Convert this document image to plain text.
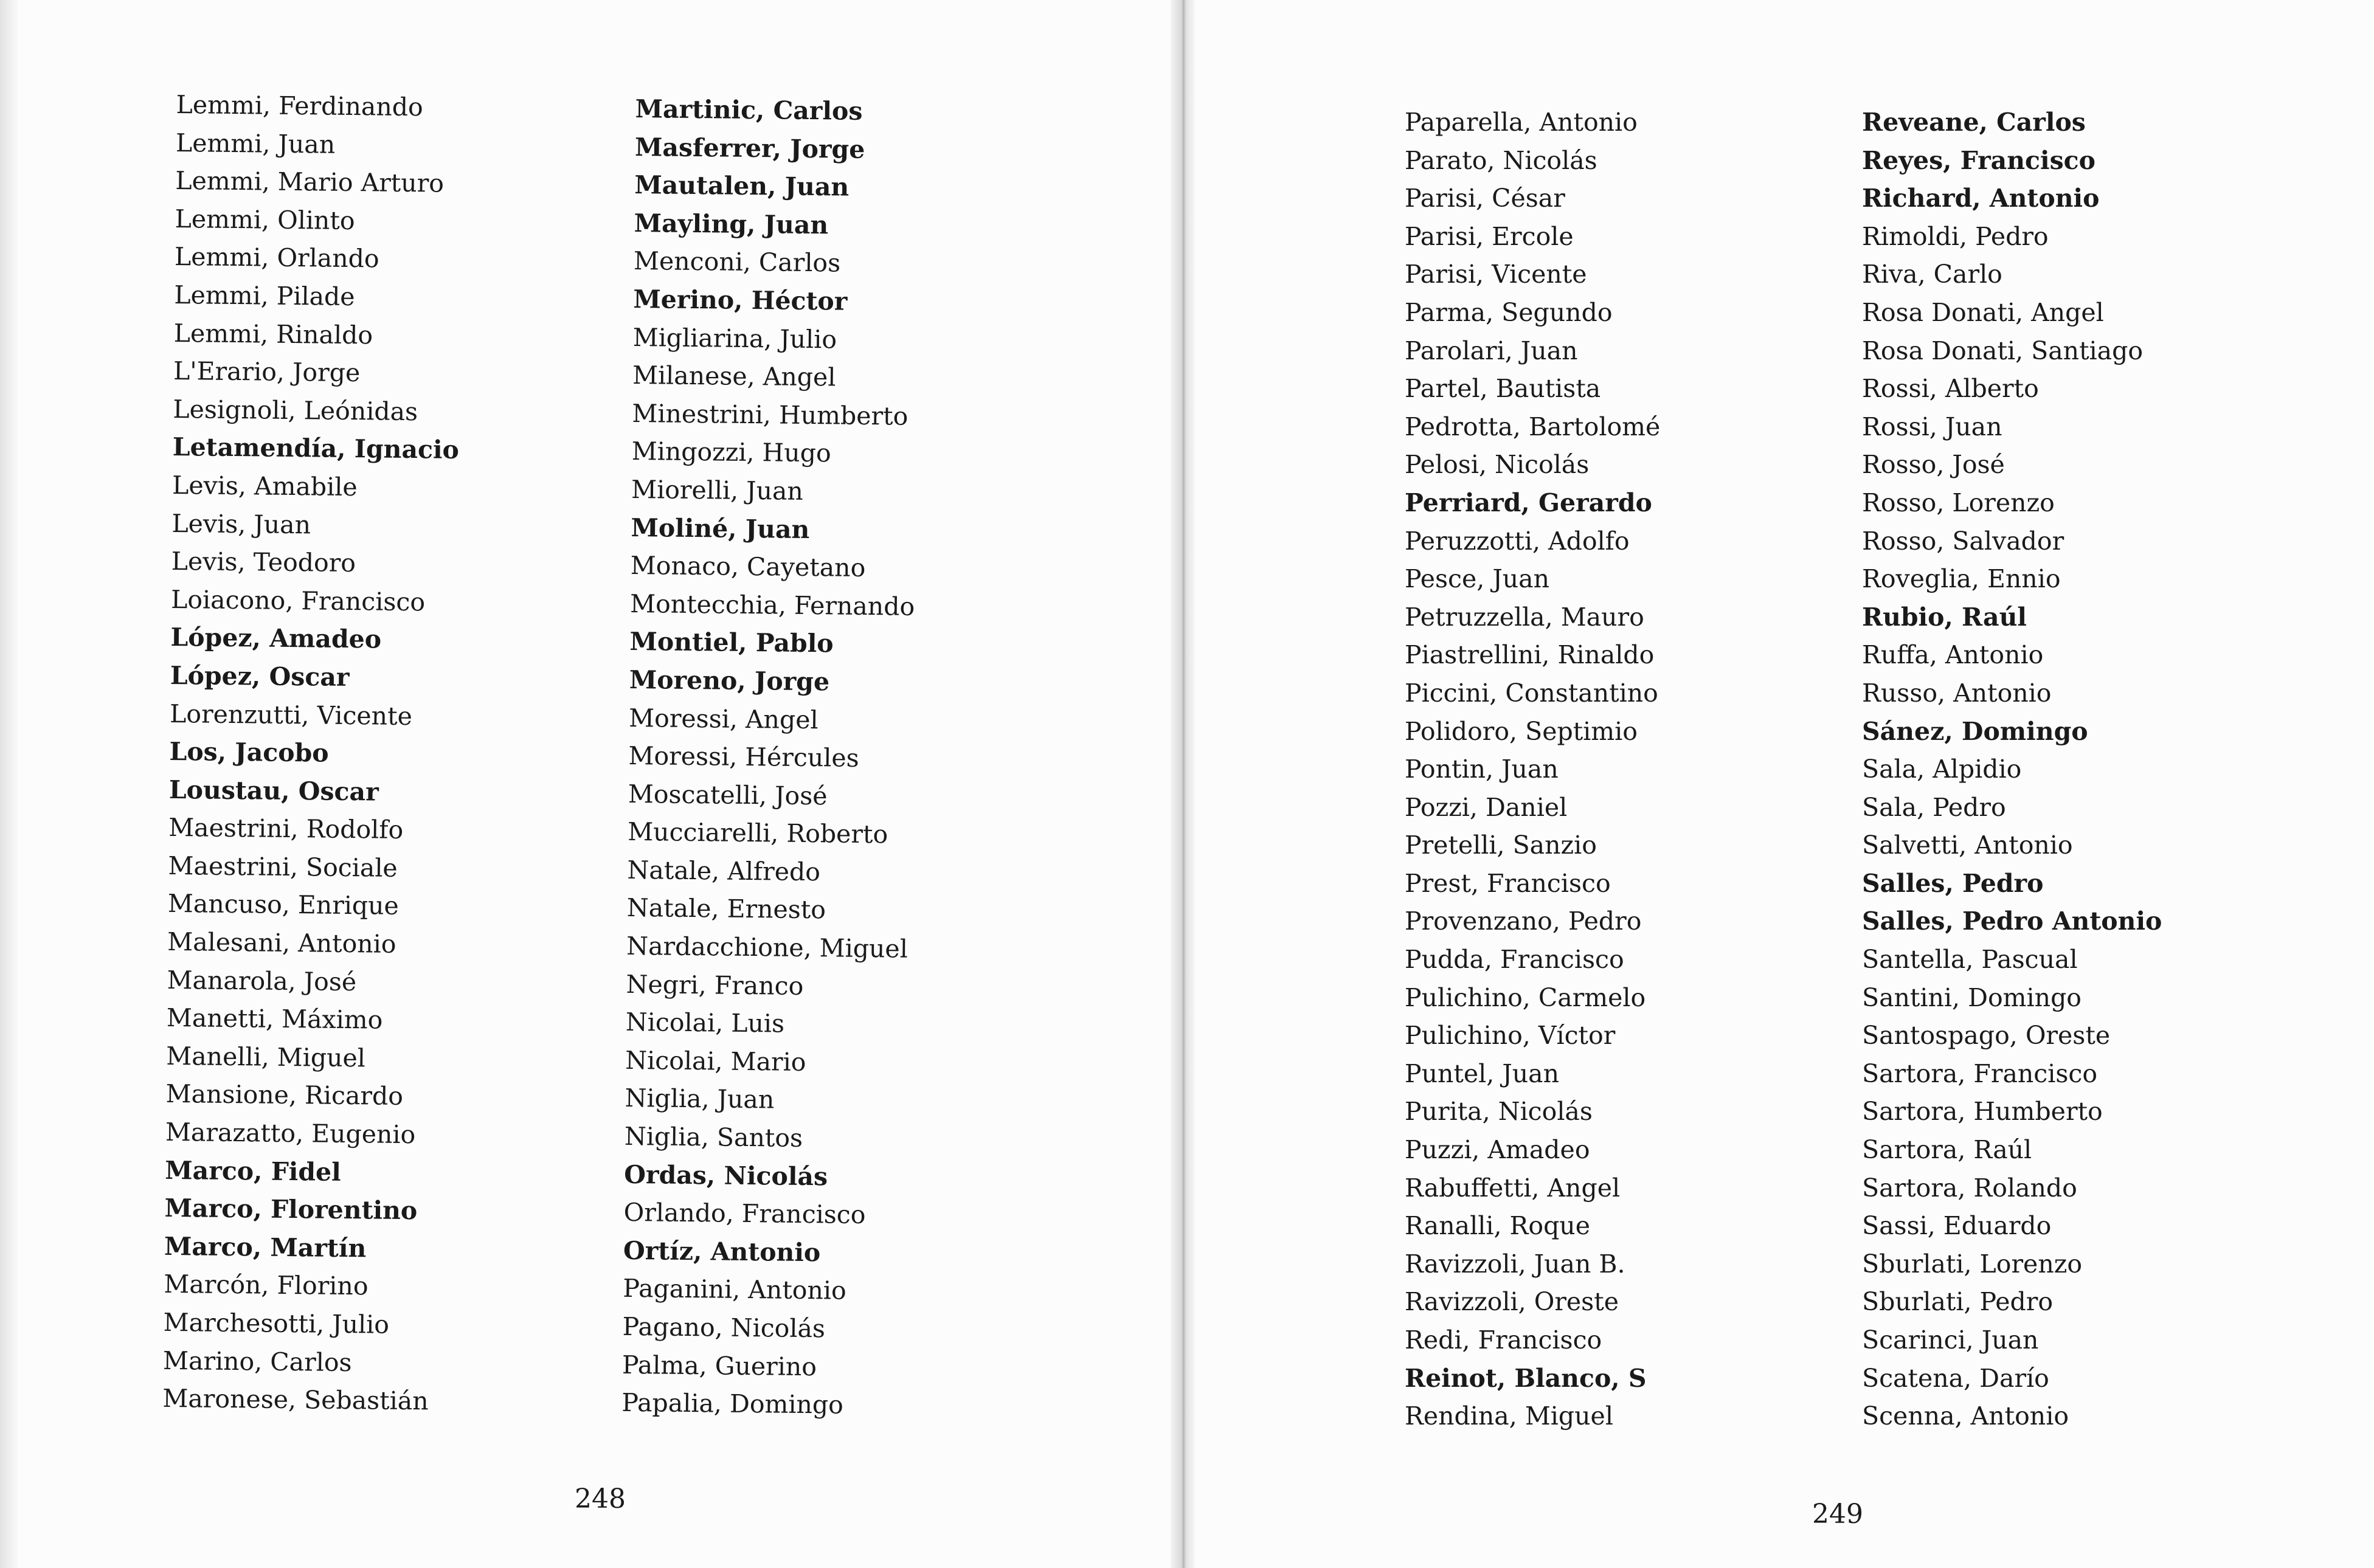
Lemmi, Ferdinando
Lemmi, Juan
Lemmi, Mario Arturo
Lemmi, Olinto
Lemmi, Orlando
Lemmi, Pilade
Lemmi, Rinaldo
L'Erario, Jorge
Lesignoli, Leónidas
Letamendía, Ignacio
Levis, Amabile
Levis, Juan
Levis, Teodoro
Loiacono, Francisco
López, Amadeo
López, Oscar
Lorenzutti, Vicente
Los, Jacobo
Loustau, Oscar
Maestrini, Rodolfo
Maestrini, Sociale
Mancuso, Enrique
Malesani, Antonio
Manarola, José
Manetti, Máximo
Manelli, Miguel
Mansione, Ricardo
Marazatto, Eugenio
Marco, Fidel
Marco, Florentino
Marco, Martín
Marcón, Florino
Marchesotti, Julio
Marino, Carlos
Maronese, Sebastián
Martinic, Carlos
Masferrer, Jorge
Mautalen, Juan
Mayling, Juan
Menconi, Carlos
Merino, Héctor
Migliarina, Julio
Milanese, Angel
Minestrini, Humberto
Mingozzi, Hugo
Miorelli, Juan
Moliné, Juan
Monaco, Cayetano
Montecchia, Fernando
Montiel, Pablo
Moreno, Jorge
Moressi, Angel
Moressi, Hércules
Moscatelli, José
Mucciarelli, Roberto
Natale, Alfredo
Natale, Ernesto
Nardacchione, Miguel
Negri, Franco
Nicolai, Luis
Nicolai, Mario
Niglia, Juan
Niglia, Santos
Ordas, Nicolás
Orlando, Francisco
Ortíz, Antonio
Paganini, Antonio
Pagano, Nicolás
Palma, Guerino
Papalia, Domingo
248
Paparella, Antonio
Parato, Nicolás
Parisi, César
Parisi, Ercole
Parisi, Vicente
Parma, Segundo
Parolari, Juan
Partel, Bautista
Pedrotta, Bartolomé
Pelosi, Nicolás
Perriard, Gerardo
Peruzzotti, Adolfo
Pesce, Juan
Petruzzella, Mauro
Piastrellini, Rinaldo
Piccini, Constantino
Polidoro, Septimio
Pontin, Juan
Pozzi, Daniel
Pretelli, Sanzio
Prest, Francisco
Provenzano, Pedro
Pudda, Francisco
Pulichino, Carmelo
Pulichino, Víctor
Puntel, Juan
Purita, Nicolás
Puzzi, Amadeo
Rabuffetti, Angel
Ranalli, Roque
Ravizzoli, Juan B.
Ravizzoli, Oreste
Redi, Francisco
Reinot, Blanco, S
Rendina, Miguel
Reveane, Carlos
Reyes, Francisco
Richard, Antonio
Rimoldi, Pedro
Riva, Carlo
Rosa Donati, Angel
Rosa Donati, Santiago
Rossi, Alberto
Rossi, Juan
Rosso, José
Rosso, Lorenzo
Rosso, Salvador
Roveglia, Ennio
Rubio, Raúl
Ruffa, Antonio
Russo, Antonio
Sánez, Domingo
Sala, Alpidio
Sala, Pedro
Salvetti, Antonio
Salles, Pedro
Salles, Pedro Antonio
Santella, Pascual
Santini, Domingo
Santospago, Oreste
Sartora, Francisco
Sartora, Humberto
Sartora, Raúl
Sartora, Rolando
Sassi, Eduardo
Sburlati, Lorenzo
Sburlati, Pedro
Scarinci, Juan
Scatena, Darío
Scenna, Antonio
249
